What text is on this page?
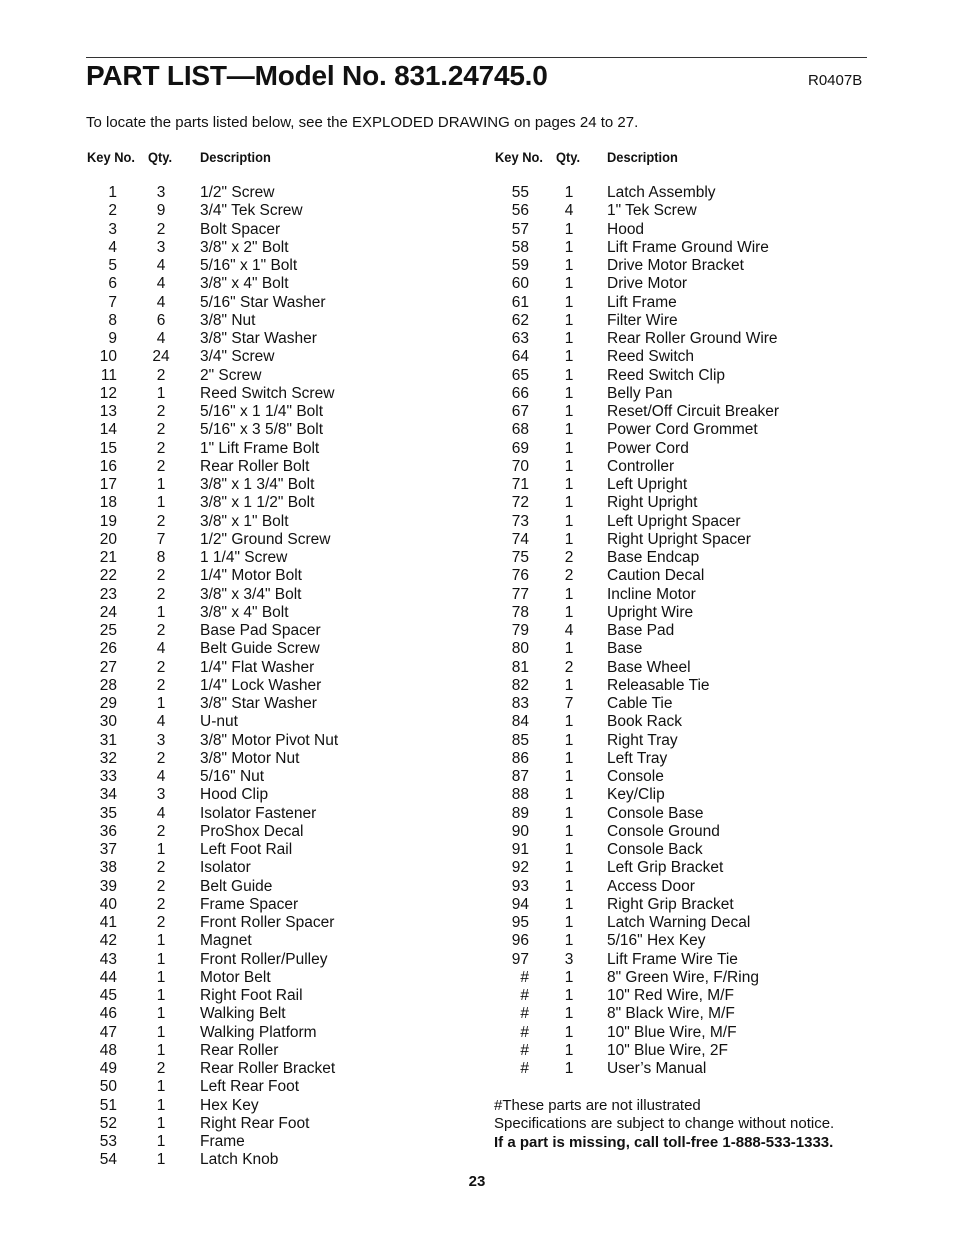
PART LIST—Model No. 831.24745.0	R0407B
To locate the parts listed below, see the EXPLODED DRAWING on pages 24 to 27.
Key No. Qty. Description	Key No. Qty. Description
1	3	1/2" Screw
2	9	3/4" Tek Screw
3	2	Bolt Spacer
4	3	3/8" x 2" Bolt
5	4	5/16" x 1" Bolt
6	4	3/8" x 4" Bolt
7	4	5/16" Star Washer
8	6	3/8" Nut
9	4	3/8" Star Washer
10	24	3/4" Screw
11	2	2" Screw
12	1	Reed Switch Screw
13	2	5/16" x 1 1/4" Bolt
14	2	5/16" x 3 5/8" Bolt
15	2	1" Lift Frame Bolt
16	2	Rear Roller Bolt
17	1	3/8" x 1 3/4" Bolt
18	1	3/8" x 1 1/2" Bolt
19	2	3/8" x 1" Bolt
20	7	1/2" Ground Screw
21	8	1 1/4" Screw
22	2	1/4" Motor Bolt
23	2	3/8" x 3/4" Bolt
24	1	3/8" x 4" Bolt
25	2	Base Pad Spacer
26	4	Belt Guide Screw
27	2	1/4" Flat Washer
28	2	1/4" Lock Washer
29	1	3/8" Star Washer
30	4	U-nut
31	3	3/8" Motor Pivot Nut
32	2	3/8" Motor Nut
33	4	5/16" Nut
34	3	Hood Clip
35	4	Isolator Fastener
36	2	ProShox Decal
37	1	Left Foot Rail
38	2	Isolator
39	2	Belt Guide
40	2	Frame Spacer
41	2	Front Roller Spacer
42	1	Magnet
43	1	Front Roller/Pulley
44	1	Motor Belt
45	1	Right Foot Rail
46	1	Walking Belt
47	1	Walking Platform
48	1	Rear Roller
49	2	Rear Roller Bracket
50	1	Left Rear Foot
51	1	Hex Key
52	1	Right Rear Foot
53	1	Frame
54	1	Latch Knob
55	1	Latch Assembly
56	4	1" Tek Screw
57	1	Hood
58	1	Lift Frame Ground Wire
59	1	Drive Motor Bracket
60	1	Drive Motor
61	1	Lift Frame
62	1	Filter Wire
63	1	Rear Roller Ground Wire
64	1	Reed Switch
65	1	Reed Switch Clip
66	1	Belly Pan
67	1	Reset/Off Circuit Breaker
68	1	Power Cord Grommet
69	1	Power Cord
70	1	Controller
71	1	Left Upright
72	1	Right Upright
73	1	Left Upright Spacer
74	1	Right Upright Spacer
75	2	Base Endcap
76	2	Caution Decal
77	1	Incline Motor
78	1	Upright Wire
79	4	Base Pad
80	1	Base
81	2	Base Wheel
82	1	Releasable Tie
83	7	Cable Tie
84	1	Book Rack
85	1	Right Tray
86	1	Left Tray
87	1	Console
88	1	Key/Clip
89	1	Console Base
90	1	Console Ground
91	1	Console Back
92	1	Left Grip Bracket
93	1	Access Door
94	1	Right Grip Bracket
95	1	Latch Warning Decal
96	1	5/16" Hex Key
97	3	Lift Frame Wire Tie
#	1	8" Green Wire, F/Ring
#	1	10" Red Wire, M/F
#	1	8" Black Wire, M/F
#	1	10" Blue Wire, M/F
#	1	10" Blue Wire, 2F
#	1	User’s Manual
#These parts are not illustrated
Specifications are subject to change without notice.
If a part is missing, call toll-free 1-888-533-1333.
23
